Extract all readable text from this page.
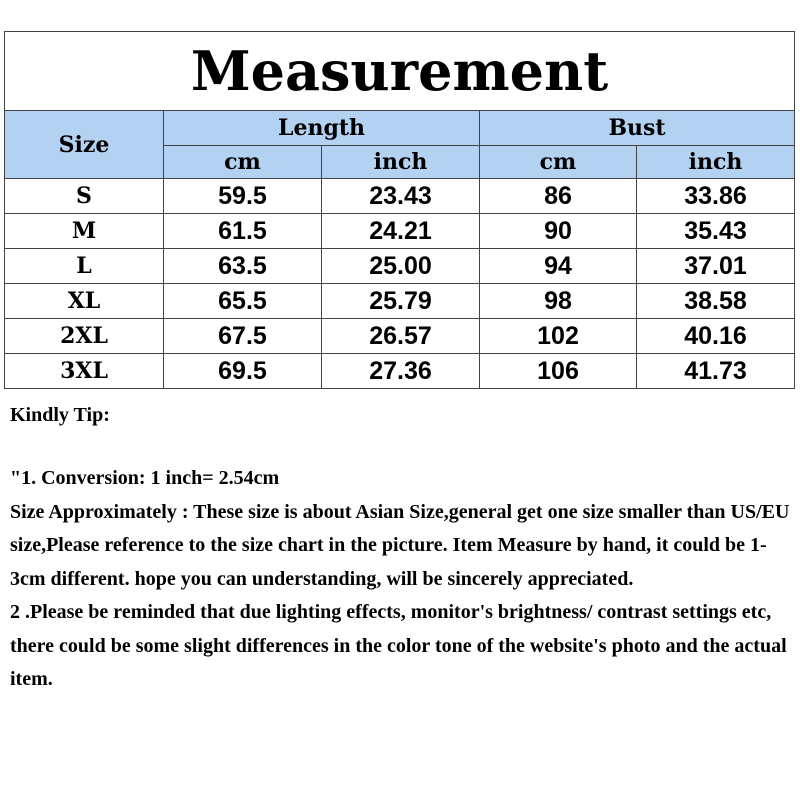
Measurement				
Size	Length		Bust	
	cm	inch	cm	inch
S	59.5	23.43	86	33.86
M	61.5	24.21	90	35.43
L	63.5	25.00	94	37.01
XL	65.5	25.79	98	38.58
2XL	67.5	26.57	102	40.16
3XL	69.5	27.36	106	41.73

Kindly Tip:

"1. Conversion: 1 inch= 2.54cm

Size Approximately : These size is about Asian Size,general get one size smaller than US/EU size,Please reference to the size chart in the picture. Item Measure by hand, it could be 1-3cm different. hope you can understanding, will be sincerely appreciated.

2 .Please be reminded that due lighting effects, monitor's brightness/ contrast settings etc, there could be some slight differences in the color tone of the website's photo and the actual item.
